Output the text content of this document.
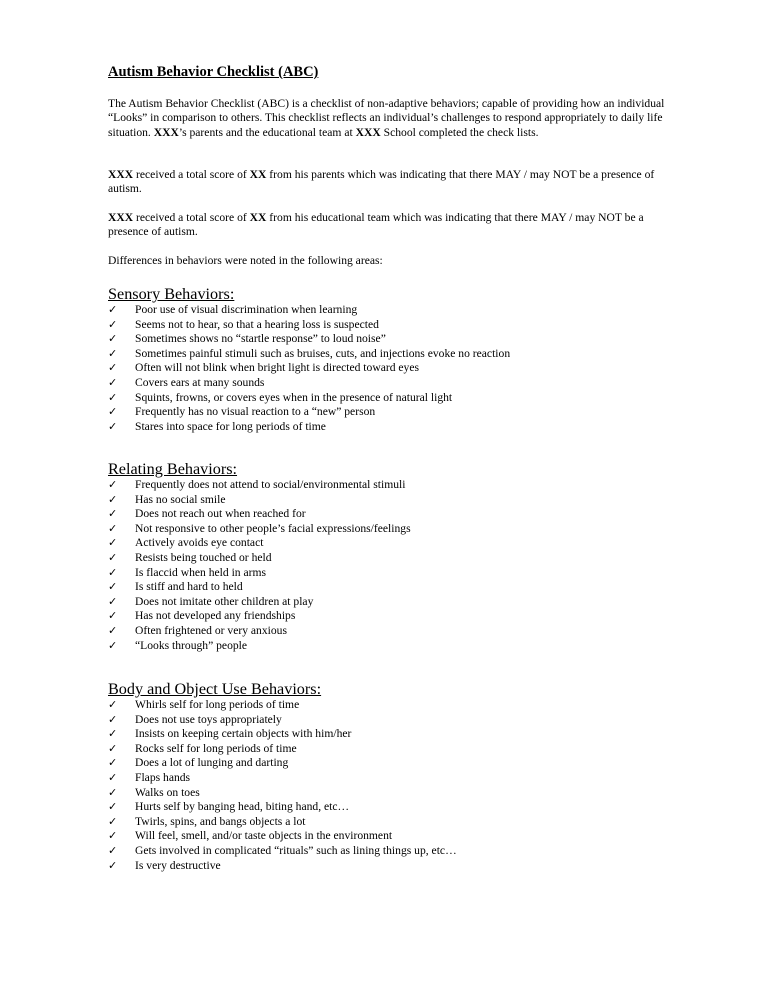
Autism Behavior Checklist (ABC)

The Autism Behavior Checklist (ABC) is a checklist of non-adaptive behaviors; capable of providing how an individual “Looks” in comparison to others. This checklist reflects an individual’s challenges to respond appropriately to daily life situation. XXX’s parents and the educational team at XXX School completed the check lists.

XXX received a total score of XX from his parents which was indicating that there MAY / may NOT be a presence of autism.

XXX received a total score of XX from his educational team which was indicating that there MAY / may NOT be a presence of autism.

Differences in behaviors were noted in the following areas:

Sensory Behaviors:
✓	Poor use of visual discrimination when learning
✓	Seems not to hear, so that a hearing loss is suspected
✓	Sometimes shows no “startle response” to loud noise”
✓	Sometimes painful stimuli such as bruises, cuts, and injections evoke no reaction
✓	Often will not blink when bright light is directed toward eyes
✓	Covers ears at many sounds
✓	Squints, frowns, or covers eyes when in the presence of natural light
✓	Frequently has no visual reaction to a “new” person
✓	Stares into space for long periods of time
Relating Behaviors:
✓	Frequently does not attend to social/environmental stimuli
✓	Has no social smile
✓	Does not reach out when reached for
✓	Not responsive to other people’s facial expressions/feelings
✓	Actively avoids eye contact
✓	Resists being touched or held
✓	Is flaccid when held in arms
✓	Is stiff and hard to held
✓	Does not imitate other children at play
✓	Has not developed any friendships
✓	Often frightened or very anxious
✓	“Looks through” people
Body and Object Use Behaviors:
✓	Whirls self for long periods of time
✓	Does not use toys appropriately
✓	Insists on keeping certain objects with him/her
✓	Rocks self for long periods of time
✓	Does a lot of lunging and darting
✓	Flaps hands
✓	Walks on toes
✓	Hurts self by banging head, biting hand, etc…
✓	Twirls, spins, and bangs objects a lot
✓	Will feel, smell, and/or taste objects in the environment
✓	Gets involved in complicated “rituals” such as lining things up, etc…
✓	Is very destructive
